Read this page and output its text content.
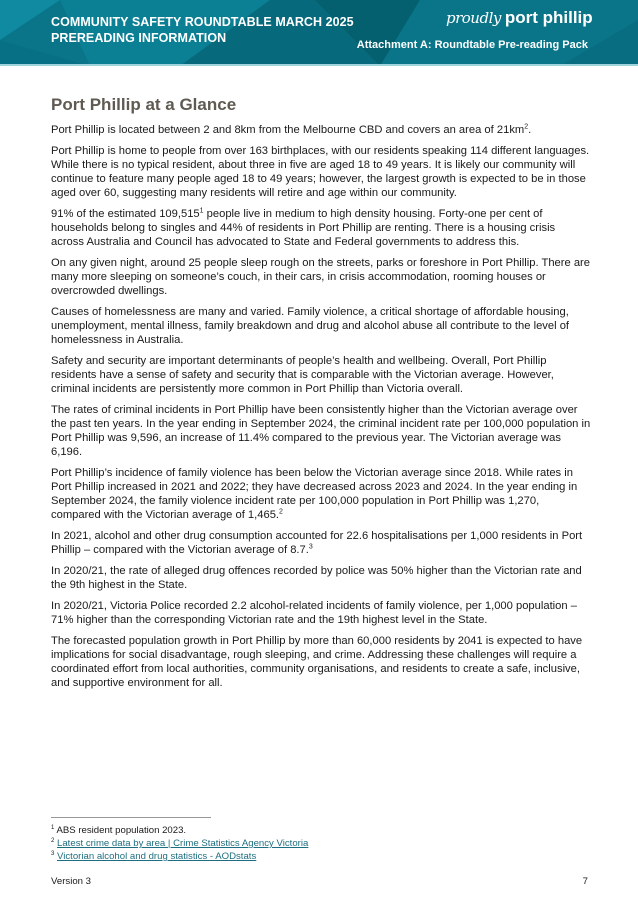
COMMUNITY SAFETY ROUNDTABLE MARCH 2025
PREREADING INFORMATION
proudly port phillip
Attachment A: Roundtable Pre-reading Pack
Port Phillip at a Glance

Port Phillip is located between 2 and 8km from the Melbourne CBD and covers an area of $21km^2$.

Port Phillip is home to people from over 163 birthplaces, with our residents speaking 114 different languages. While there is no typical resident, about three in five are aged 18 to 49 years. It is likely our community will continue to feature many people aged 18 to 49 years; however, the largest growth is expected to be in those aged over 60, suggesting many residents will retire and age within our community.

91% of the estimated 109,515$^1$ people live in medium to high density housing. Forty-one per cent of households belong to singles and 44% of residents in Port Phillip are renting. There is a housing crisis across Australia and Council has advocated to State and Federal governments to address this.

On any given night, around 25 people sleep rough on the streets, parks or foreshore in Port Phillip. There are many more sleeping on someone’s couch, in their cars, in crisis accommodation, rooming houses or overcrowded dwellings.

Causes of homelessness are many and varied. Family violence, a critical shortage of affordable housing, unemployment, mental illness, family breakdown and drug and alcohol abuse all contribute to the level of homelessness in Australia.

Safety and security are important determinants of people’s health and wellbeing. Overall, Port Phillip residents have a sense of safety and security that is comparable with the Victorian average. However, criminal incidents are persistently more common in Port Phillip than Victoria overall.

The rates of criminal incidents in Port Phillip have been consistently higher than the Victorian average over the past ten years. In the year ending in September 2024, the criminal incident rate per 100,000 population in Port Phillip was 9,596, an increase of 11.4% compared to the previous year. The Victorian average was 6,196.

Port Phillip’s incidence of family violence has been below the Victorian average since 2018. While rates in Port Phillip increased in 2021 and 2022; they have decreased across 2023 and 2024. In the year ending in September 2024, the family violence incident rate per 100,000 population in Port Phillip was 1,270, compared with the Victorian average of 1,465.$^2$

In 2021, alcohol and other drug consumption accounted for 22.6 hospitalisations per 1,000 residents in Port Phillip – compared with the Victorian average of 8.7.$^3$

In 2020/21, the rate of alleged drug offences recorded by police was 50% higher than the Victorian rate and the 9th highest in the State.

In 2020/21, Victoria Police recorded 2.2 alcohol-related incidents of family violence, per 1,000 population – 71% higher than the corresponding Victorian rate and the 19th highest level in the State.

The forecasted population growth in Port Phillip by more than 60,000 residents by 2041 is expected to have implications for social disadvantage, rough sleeping, and crime. Addressing these challenges will require a coordinated effort from local authorities, community organisations, and residents to create a safe, inclusive, and supportive environment for all.

$^1$ ABS resident population 2023.
$^2$ Latest crime data by area | Crime Statistics Agency Victoria
$^3$ Victorian alcohol and drug statistics - AODstats
Version 3	7
